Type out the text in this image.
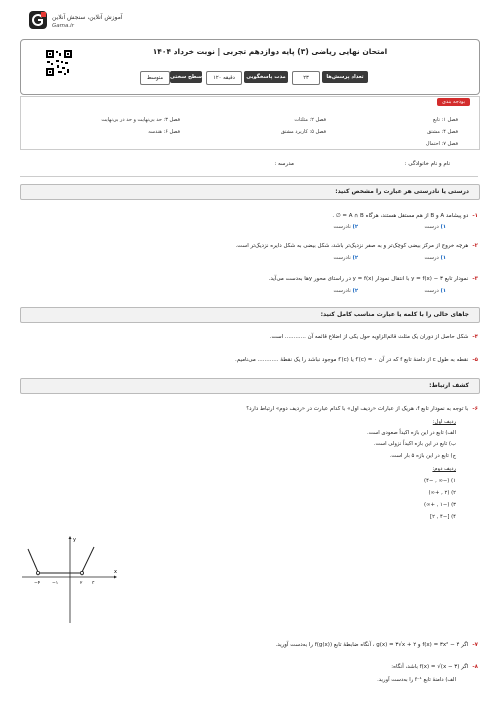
آموزش آنلاین، سنجش آنلاین
Gama.ir
امتحان نهایی ریاضی (۳) پایه دوازدهم تجربی | نوبت خرداد ۱۴۰۴
تعداد پرسش‌ها
۲۳
مدت پاسخگویی
۱۲۰ دقیقه
سطح سختی
متوسط
بودجه بندی
فصل ۱: تابع
فصل ۲: مثلثات
فصل ۳: حد بی‌نهایت و حد در بی‌نهایت
فصل ۴: مشتق
فصل ۵: کاربرد مشتق
فصل ۶: هندسه
فصل ۷: احتمال
نام و نام خانوادگی :
مدرسه :
درستی یا نادرستی هر عبارت را مشخص کنید:
۱-دو پیشامد A و B از هم مستقل هستند، هرگاه A ∩ B = ∅ .
۱) درست
۲) نادرست
۲-هرچه خروج از مرکز بیضی کوچک‌تر و به صفر نزدیک‌تر باشد، شکل بیضی به شکل دایره نزدیک‌تر است.
۱) درست
۲) نادرست
۳-نمودار تابع y = f(x) − ۳ با انتقال نمودار y = f(x) در راستای محور yها به‌دست می‌آید.
۱) درست
۲) نادرست
جاهای خالی را با کلمه یا عبارت مناسب کامل کنید:
۴-شکل حاصل از دوران یک مثلث قائم‌الزاویه حول یکی از اضلاع قائمه آن ............ است.
۵-نقطه به طول c از دامنهٔ تابع f که در آن f′(c) = ۰ یا f′(c) موجود نباشد را یک نقطهٔ ............ می‌نامیم.
کشف ارتباط:
۶-با توجه به نمودار تابع f، هریک از عبارات «ردیف اول» با کدام عبارت در «ردیف دوم» ارتباط دارد؟
ردیف اول:
الف) تابع در این بازه اکیداً صعودی است.
ب) تابع در این بازه اکیداً نزولی است.
ج) تابع در این بازه ۵ بار است.
ردیف دوم:
۱) (−∞ , −۴)
۲) (۲ , +∞)
۳) (−۱ , +∞)
۴) [−۴ , ۲]
x
y
−۴	−۱	۲ ۳
۷-اگر f(x) = ۳x² − ۴ و g(x) = ۳√x + ۲ ، آنگاه ضابطهٔ تابع f(g(x)) را به‌دست آورید.
۸-اگر f(x) = √(x − ۳) باشد، آنگاه:
الف) دامنهٔ تابع f⁻¹ را به‌دست آورید.
